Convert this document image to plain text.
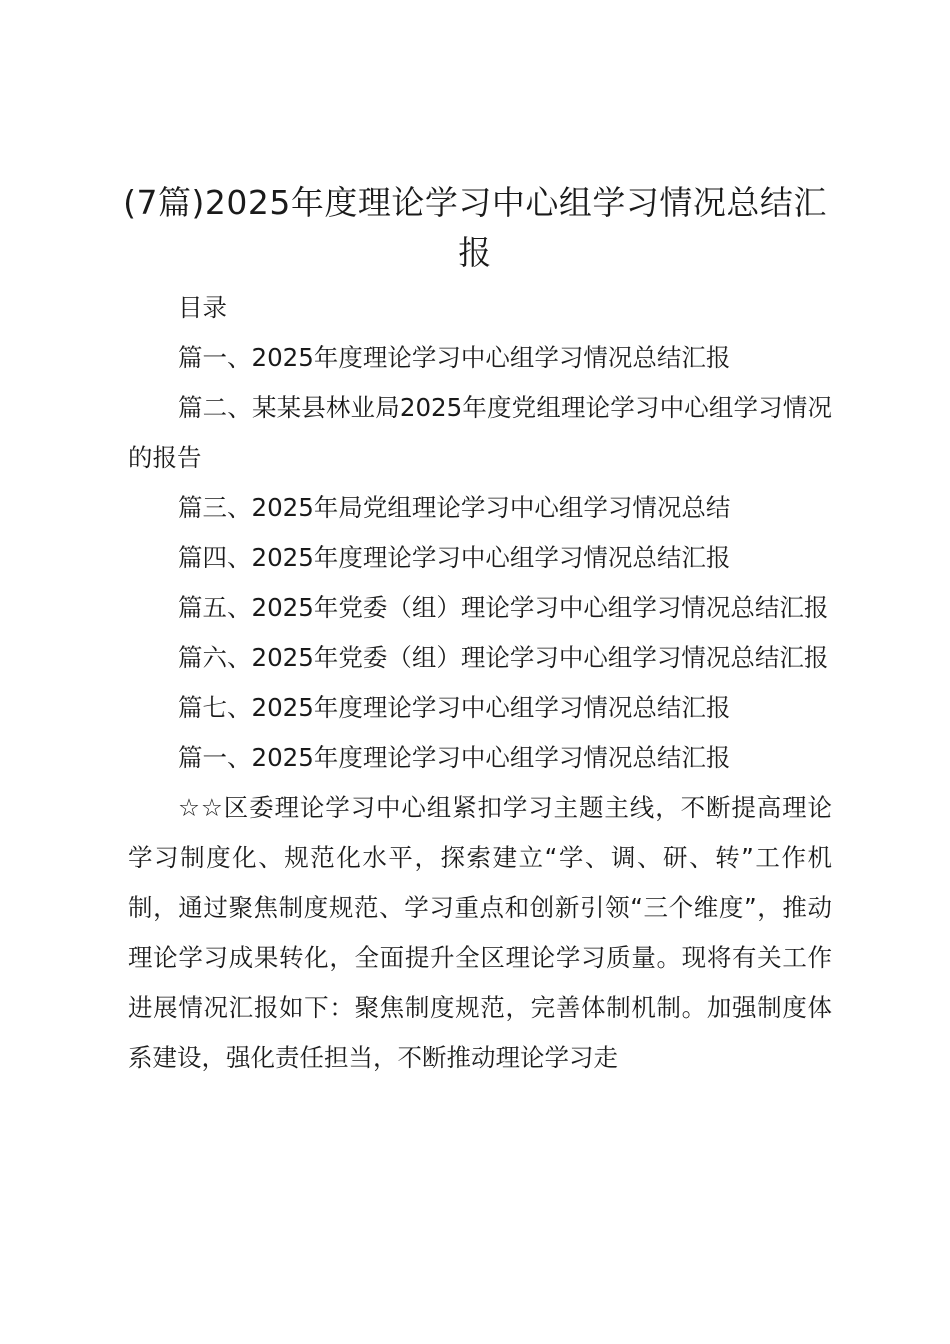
(7篇)2025年度理论学习中心组学习情况总结汇报

目录

篇一、2025年度理论学习中心组学习情况总结汇报

篇二、某某县林业局2025年度党组理论学习中心组学习情况的报告

篇三、2025年局党组理论学习中心组学习情况总结

篇四、2025年度理论学习中心组学习情况总结汇报

篇五、2025年党委（组）理论学习中心组学习情况总结汇报

篇六、2025年党委（组）理论学习中心组学习情况总结汇报

篇七、2025年度理论学习中心组学习情况总结汇报

篇一、2025年度理论学习中心组学习情况总结汇报

☆☆区委理论学习中心组紧扣学习主题主线，不断提高理论学习制度化、规范化水平，探索建立“学、调、研、转”工作机制，通过聚焦制度规范、学习重点和创新引领“三个维度”，推动理论学习成果转化，全面提升全区理论学习质量。现将有关工作进展情况汇报如下：聚焦制度规范，完善体制机制。加强制度体系建设，强化责任担当，不断推动理论学习走
